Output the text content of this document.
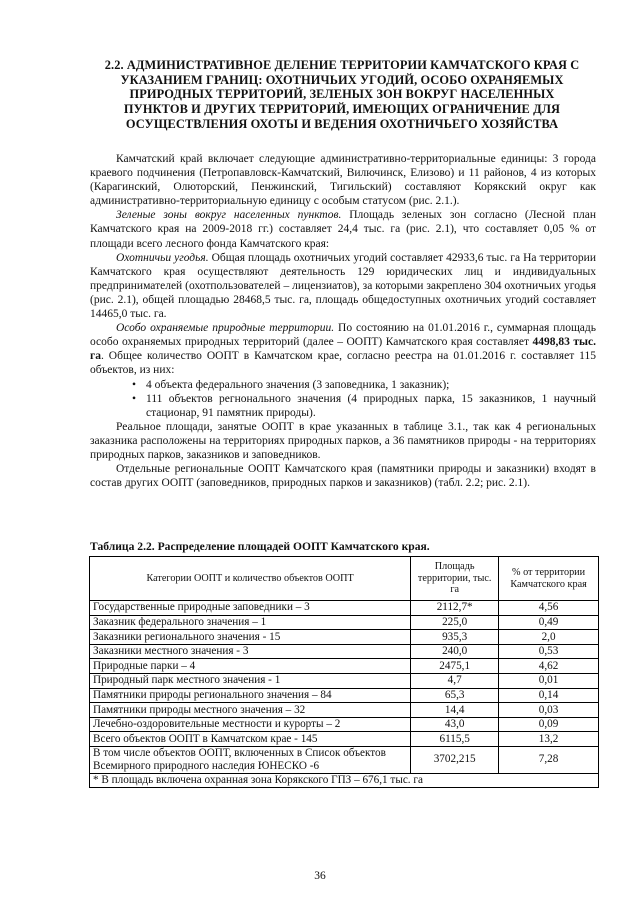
2.2. АДМИНИСТРАТИВНОЕ ДЕЛЕНИЕ ТЕРРИТОРИИ КАМЧАТСКОГО КРАЯ С
УКАЗАНИЕМ ГРАНИЦ: ОХОТНИЧЬИХ УГОДИЙ, ОСОБО ОХРАНЯЕМЫХ
ПРИРОДНЫХ ТЕРРИТОРИЙ, ЗЕЛЕНЫХ ЗОН ВОКРУГ НАСЕЛЕННЫХ
ПУНКТОВ И ДРУГИХ ТЕРРИТОРИЙ, ИМЕЮЩИХ ОГРАНИЧЕНИЕ ДЛЯ
ОСУЩЕСТВЛЕНИЯ ОХОТЫ И ВЕДЕНИЯ ОХОТНИЧЬЕГО ХОЗЯЙСТВА

Камчатский край включает следующие административно-территориальные единицы: 3 города краевого подчинения (Петропавловск-Камчатский, Вилючинск, Елизово) и 11 районов, 4 из которых (Карагинский, Олюторский, Пенжинский, Тигильский) составляют Корякский округ как административно-территориальную единицу с особым статусом (рис. 2.1.).

Зеленые зоны вокруг населенных пунктов. Площадь зеленых зон согласно (Лесной план Камчатского края на 2009-2018 гг.) составляет 24,4 тыс. га (рис. 2.1), что составляет 0,05 % от площади всего лесного фонда Камчатского края:

Охотничьи угодья. Общая площадь охотничьих угодий составляет 42933,6 тыс. га На территории Камчатского края осуществляют деятельность 129 юридических лиц и индивидуальных предпринимателей (охотпользователей – лицензиатов), за которыми закреплено 304 охотничьих угодья (рис. 2.1), общей площадью 28468,5 тыс. га, площадь общедоступных охотничьих угодий составляет 14465,0 тыс. га.

Особо охраняемые природные территории. По состоянию на 01.01.2016 г., суммарная площадь особо охраняемых природных территорий (далее – ООПТ) Камчатского края составляет 4498,83 тыс. га. Общее количество ООПТ в Камчатском крае, согласно реестра на 01.01.2016 г. составляет 115 объектов, из них:

• 4 объекта федерального значения (3 заповедника, 1 заказник);
• 111 объектов регнонального значения (4 природных парка, 15 заказников, 1 научный стационар, 91 памятник природы).

Реальное площади, занятые ООПТ в крае указанных в таблице 3.1., так как 4 региональных заказника расположены на территориях природных парков, а 36 памятников природы - на территориях природных парков, заказников и заповедников.

Отдельные региональные ООПТ Камчатского края (памятники природы и заказники) входят в состав других ООПТ (заповедников, природных парков и заказников) (табл. 2.2; рис. 2.1).

Таблица 2.2. Распределение площадей ООПТ Камчатского края.
Категории ООПТ и количество объектов ООПТ	Площадь территории, тыс. га	% от территории Камчатского края
Государственные природные заповедники – 3	2112,7*	4,56
Заказник федерального значения – 1	225,0	0,49
Заказники регионального значения - 15	935,3	2,0
Заказники местного значения - 3	240,0	0,53
Природные парки – 4	2475,1	4,62
Природный парк местного значения - 1	4,7	0,01
Памятники природы регионального значения – 84	65,3	0,14
Памятники природы местного значения – 32	14,4	0,03
Лечебно-оздоровительные местности и курорты – 2	43,0	0,09
Всего объектов ООПТ в Камчатском крае - 145	6115,5	13,2
В том числе объектов ООПТ, включенных в Список объектов Всемирного природного наследия ЮНЕСКО -6	3702,215	7,28
* В площадь включена охранная зона Корякского ГПЗ – 676,1 тыс. га		
36
